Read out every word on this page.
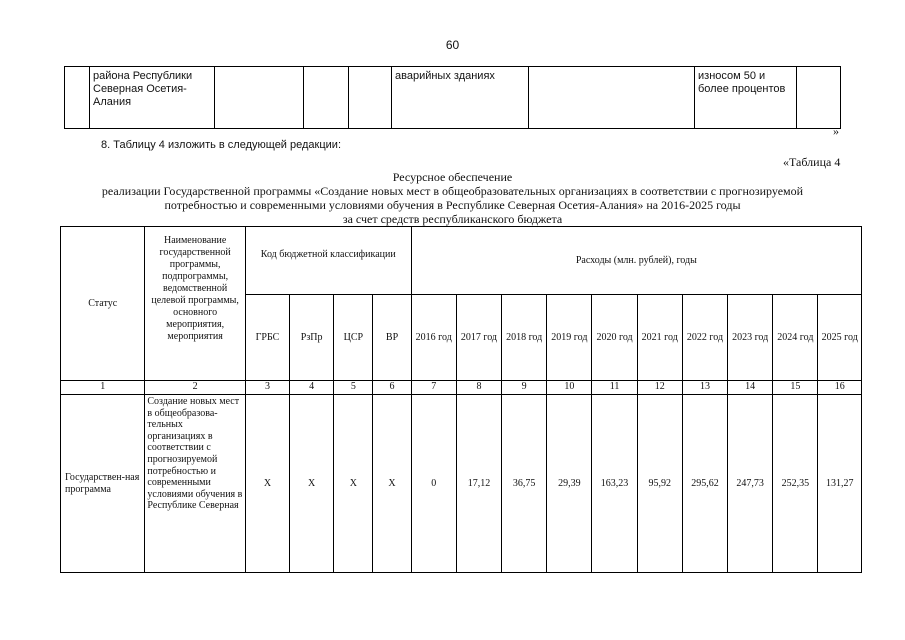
60
	района Республики Северная Осетия-Алания				аварийных зданиях		износом 50 и более процентов	
»
8. Таблицу 4 изложить в следующей редакции:
«Таблица 4
Ресурсное обеспечение
реализации Государственной программы «Создание новых мест в общеобразовательных организациях в соответствии с прогнозируемой
потребностью и современными условиями обучения в Республике Северная Осетия-Алания» на 2016-2025 годы
за счет средств республиканского бюджета
Статус	Наименование государственной программы, подпрограммы, ведомственной целевой программы, основного мероприятия, мероприятия	Код бюджетной классификации				Расходы (млн. рублей), годы									
		ГРБС	РзПр	ЦСР	ВР	2016 год	2017 год	2018 год	2019 год	2020 год	2021 год	2022 год	2023 год	2024 год	2025 год
1	2	3	4	5	6	7	8	9	10	11	12	13	14	15	16
Государствен-ная программа	Создание новых мест в общеобразова-тельных организациях в соответствии с прогнозируемой потребностью и современными условиями обучения в Республике Северная	Х	Х	Х	Х	0	17,12	36,75	29,39	163,23	95,92	295,62	247,73	252,35	131,27
